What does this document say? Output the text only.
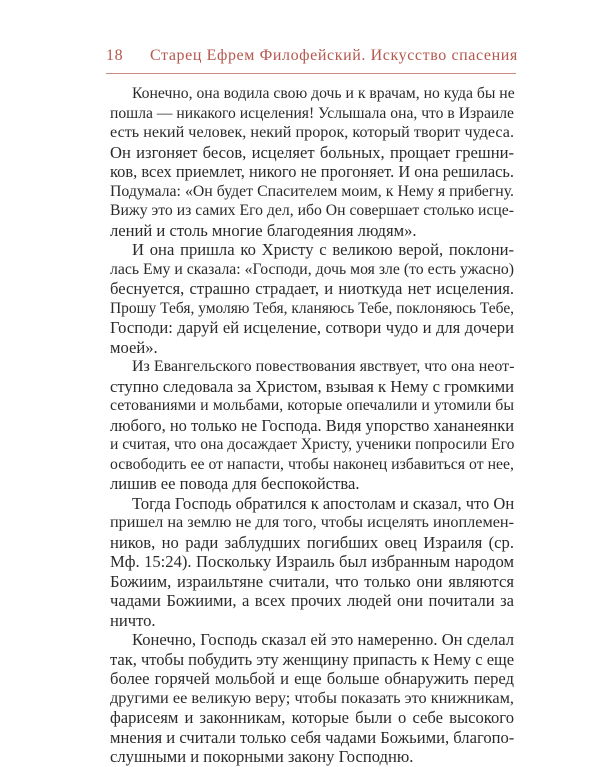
18 Старец Ефрем Филофейский. Искусство спасения

Конечно, она водила свою дочь и к врачам, но куда бы не
пошла — никакого исцеления! Услышала она, что в Израиле
есть некий человек, некий пророк, который творит чудеса.
Он изгоняет бесов, исцеляет больных, прощает грешни-
ков, всех приемлет, никого не прогоняет. И она решилась.
Подумала: «Он будет Спасителем моим, к Нему я прибегну.
Вижу это из самих Его дел, ибо Он совершает столько исце-
лений и столь многие благодеяния людям».

И она пришла ко Христу с великою верой, поклони-
лась Ему и сказала: «Господи, дочь моя зле (то есть ужасно)
беснуется, страшно страдает, и ниоткуда нет исцеления.
Прошу Тебя, умоляю Тебя, кланяюсь Тебе, поклоняюсь Тебе,
Господи: даруй ей исцеление, сотвори чудо и для дочери
моей».

Из Евангельского повествования явствует, что она неот-
ступно следовала за Христом, взывая к Нему с громкими
сетованиями и мольбами, которые опечалили и утомили бы
любого, но только не Господа. Видя упорство хананеянки
и считая, что она досаждает Христу, ученики попросили Его
освободить ее от напасти, чтобы наконец избавиться от нее,
лишив ее повода для беспокойства.

Тогда Господь обратился к апостолам и сказал, что Он
пришел на землю не для того, чтобы исцелять иноплемен-
ников, но ради заблудших погибших овец Израиля (ср.
Мф. 15:24). Поскольку Израиль был избранным народом
Божиим, израильтяне считали, что только они являются
чадами Божиими, а всех прочих людей они почитали за
ничто.

Конечно, Господь сказал ей это намеренно. Он сделал
так, чтобы побудить эту женщину припасть к Нему с еще
более горячей мольбой и еще больше обнаружить перед
другими ее великую веру; чтобы показать это книжникам,
фарисеям и законникам, которые были о себе высокого
мнения и считали только себя чадами Божьими, благопо-
слушными и покорными закону Господню.
